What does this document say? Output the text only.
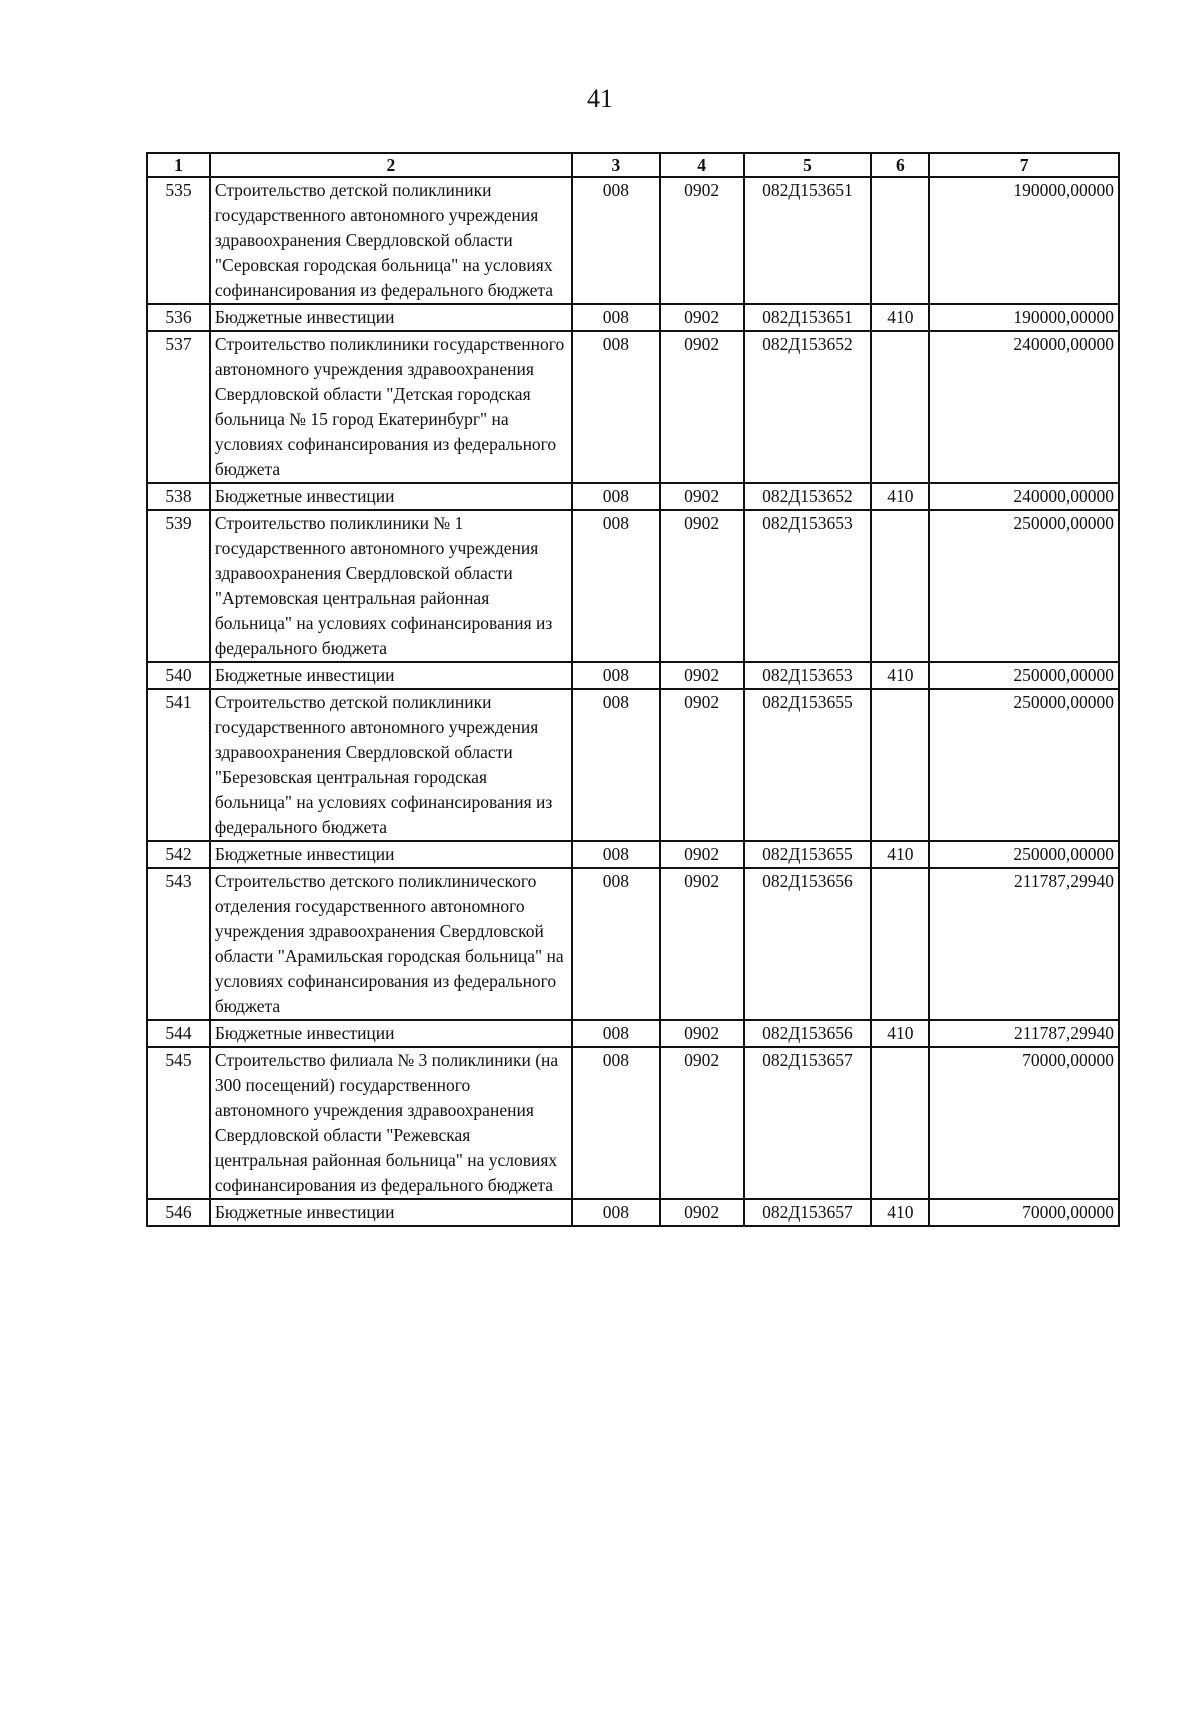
41
1	2	3	4	5	6	7
535	Строительство детской поликлиники государственного автономного учреждения здравоохранения Свердловской области "Серовская городская больница" на условиях софинансирования из федерального бюджета	008	0902	082Д153651		190000,00000
536	Бюджетные инвестиции	008	0902	082Д153651	410	190000,00000
537	Строительство поликлиники государственного автономного учреждения здравоохранения Свердловской области "Детская городская больница № 15 город Екатеринбург" на условиях софинансирования из федерального бюджета	008	0902	082Д153652		240000,00000
538	Бюджетные инвестиции	008	0902	082Д153652	410	240000,00000
539	Строительство поликлиники № 1 государственного автономного учреждения здравоохранения Свердловской области "Артемовская центральная районная больница" на условиях софинансирования из федерального бюджета	008	0902	082Д153653		250000,00000
540	Бюджетные инвестиции	008	0902	082Д153653	410	250000,00000
541	Строительство детской поликлиники государственного автономного учреждения здравоохранения Свердловской области "Березовская центральная городская больница" на условиях софинансирования из федерального бюджета	008	0902	082Д153655		250000,00000
542	Бюджетные инвестиции	008	0902	082Д153655	410	250000,00000
543	Строительство детского поликлинического отделения государственного автономного учреждения здравоохранения Свердловской области "Арамильская городская больница" на условиях софинансирования из федерального бюджета	008	0902	082Д153656		211787,29940
544	Бюджетные инвестиции	008	0902	082Д153656	410	211787,29940
545	Строительство филиала № 3 поликлиники (на 300 посещений) государственного автономного учреждения здравоохранения Свердловской области "Режевская центральная районная больница" на условиях софинансирования из федерального бюджета	008	0902	082Д153657		70000,00000
546	Бюджетные инвестиции	008	0902	082Д153657	410	70000,00000
